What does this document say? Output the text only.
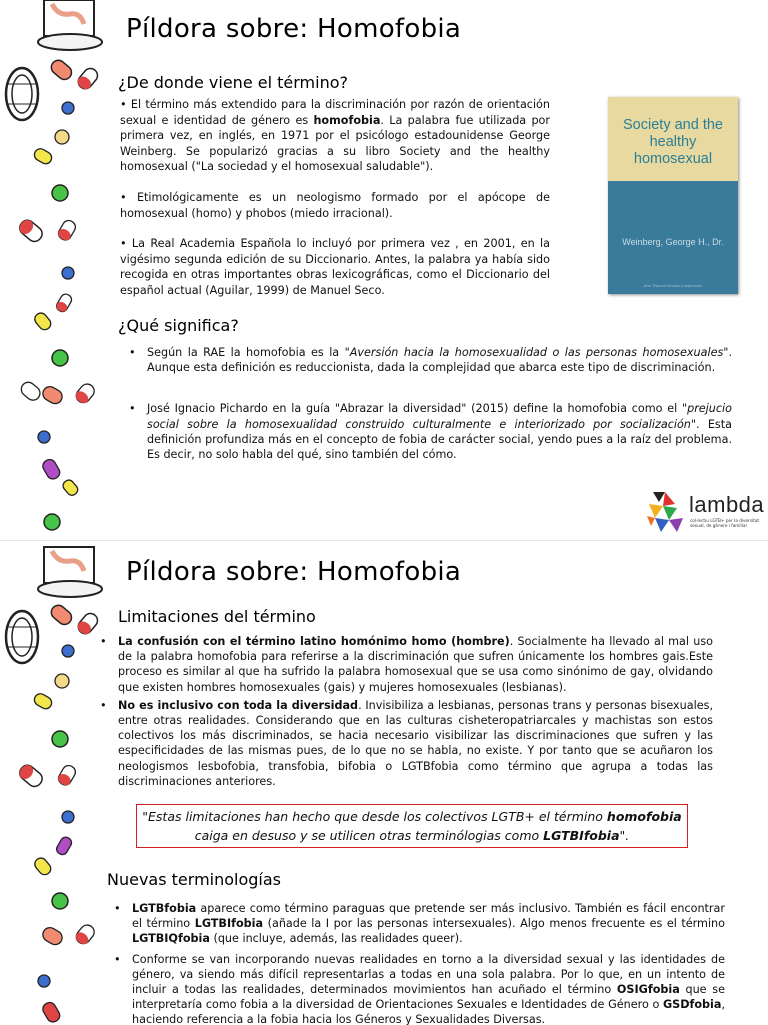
Píldora sobre: Homofobia
¿De donde viene el término?

• El término más extendido para la discriminación por razón de orientación sexual e identidad de género es homofobia. La palabra fue utilizada por primera vez, en inglés, en 1971 por el psicólogo estadounidense George Weinberg. Se popularizó gracias a su libro Society and the healthy homosexual ("La sociedad y el homosexual saludable").

• Etimológicamente es un neologismo formado por el apócope de homosexual (homo) y phobos (miedo irracional).

• La Real Academia Española lo incluyó por primera vez , en 2001, en la vigésimo segunda edición de su Diccionario. Antes, la palabra ya había sido recogida en otras importantes obras lexicográficas, como el Diccionario del español actual (Aguilar, 1999) de Manuel Seco.

Society and the healthy homosexual
Weinberg, George H., Dr.
Aho Tfssnoa Mooahul Impluauon
¿Qué significa?
• Según la RAE la homofobia es la "Aversión hacia la homosexualidad o las personas homosexuales". Aunque esta definición es reduccionista, dada la complejidad que abarca este tipo de discriminación.
• José Ignacio Pichardo en la guía "Abrazar la diversidad" (2015) define la homofobia como el "prejucio social sobre la homosexualidad construido culturalmente e interiorizado por socialización". Esta definición profundiza más en el concepto de fobia de carácter social, yendo pues a la raíz del problema. Es decir, no solo habla del qué, sino también del cómo.
lambda
col·lectiu LGTB+ per la diversitat sexual, de gènere i familiar
Píldora sobre: Homofobia
Limitaciones del término
• La confusión con el término latino homónimo homo (hombre). Socialmente ha llevado al mal uso de la palabra homofobia para referirse a la discriminación que sufren únicamente los hombres gais.Este proceso es similar al que ha sufrido la palabra homosexual que se usa como sinónimo de gay, olvidando que existen hombres homosexuales (gais) y mujeres homosexuales (lesbianas).
• No es inclusivo con toda la diversidad. Invisibiliza a lesbianas, personas trans y personas bisexuales, entre otras realidades. Considerando que en las culturas cisheteropatriarcales y machistas son estos colectivos los más discriminados, se hacia necesario visibilizar las discriminaciones que sufren y las especificidades de las mismas pues, de lo que no se habla, no existe. Y por tanto que se acuñaron los neologismos lesbofobia, transfobia, bifobia o LGTBfobia como término que agrupa a todas las discriminaciones anteriores.
"Estas limitaciones han hecho que desde los colectivos LGTB+ el término homofobia caiga en desuso y se utilicen otras terminólogias como LGTBIfobia".
Nuevas terminologías
• LGTBfobia aparece como término paraguas que pretende ser más inclusivo. También es fácil encontrar el término LGTBIfobia (añade la I por las personas intersexuales). Algo menos frecuente es el término LGTBIQfobia (que incluye, además, las realidades queer).
• Conforme se van incorporando nuevas realidades en torno a la diversidad sexual y las identidades de género, va siendo más difícil representarlas a todas en una sola palabra. Por lo que, en un intento de incluir a todas las realidades, determinados movimientos han acuñado el término OSIGfobia que se interpretaría como fobia a la diversidad de Orientaciones Sexuales e Identidades de Género o GSDfobia, haciendo referencia a la fobia hacia los Géneros y Sexualidades Diversas.
